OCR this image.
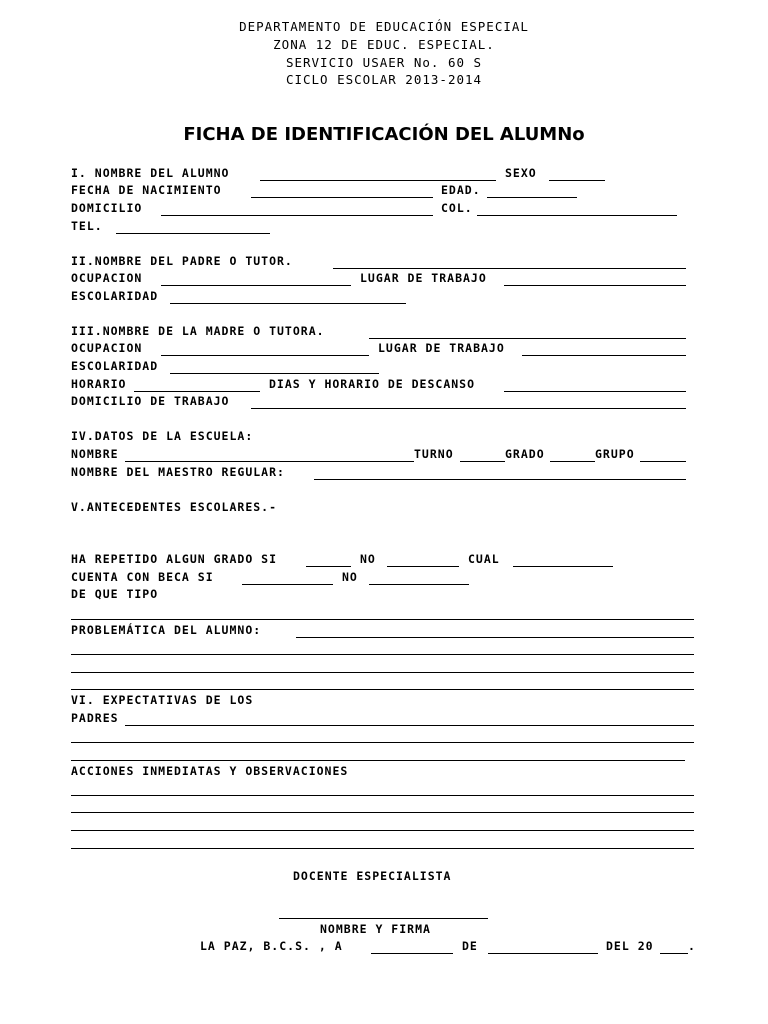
DEPARTAMENTO DE EDUCACIÓN ESPECIAL
ZONA 12 DE EDUC. ESPECIAL.
SERVICIO USAER No. 60 S
CICLO ESCOLAR 2013-2014
FICHA DE IDENTIFICACIÓN DEL ALUMNo
I. NOMBRE DEL ALUMNO	SEXO
FECHA DE NACIMIENTO	EDAD.
DOMICILIO	COL.
TEL.
II.NOMBRE DEL PADRE O TUTOR.
OCUPACION	LUGAR DE TRABAJO
ESCOLARIDAD
III.NOMBRE DE LA MADRE O TUTORA.
OCUPACION	LUGAR DE TRABAJO
ESCOLARIDAD
HORARIO	DIAS Y HORARIO DE DESCANSO
DOMICILIO DE TRABAJO
IV.DATOS DE LA ESCUELA:
NOMBRE	TURNO	GRADO	GRUPO
NOMBRE DEL MAESTRO REGULAR:
V.ANTECEDENTES ESCOLARES.-
HA REPETIDO ALGUN GRADO SI	NO	CUAL
CUENTA CON BECA SI	NO
DE QUE TIPO
PROBLEMÁTICA DEL ALUMNO:
VI. EXPECTATIVAS DE LOS
PADRES
ACCIONES INMEDIATAS Y OBSERVACIONES
DOCENTE ESPECIALISTA
NOMBRE Y FIRMA
LA PAZ, B.C.S. , A	DE	DEL 20	.
